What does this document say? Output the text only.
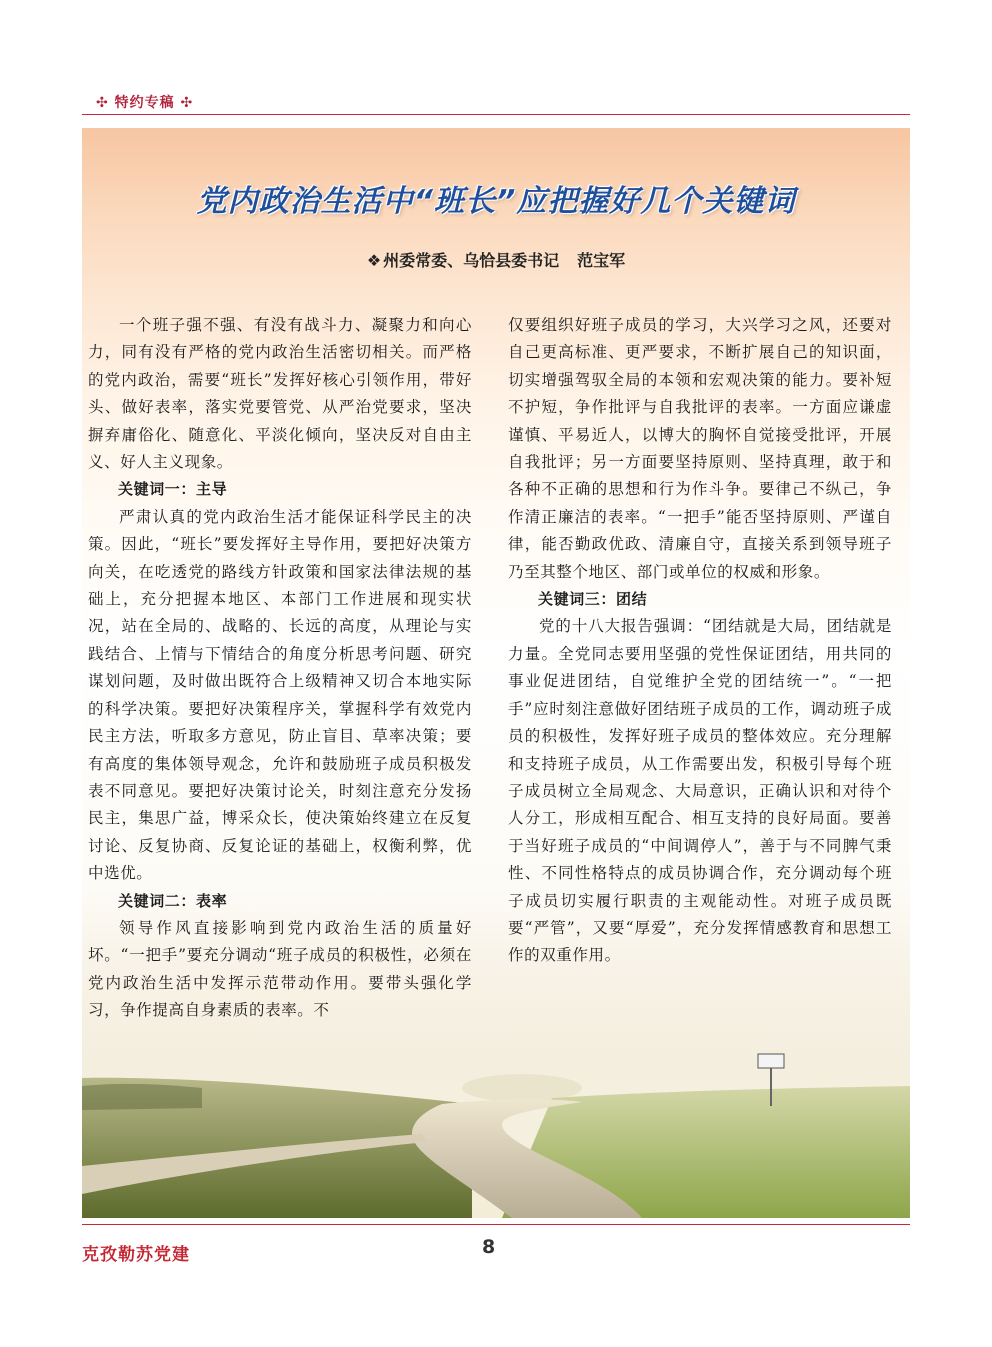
✣ 特约专稿 ✣
党内政治生活中“班长”应把握好几个关键词
❖ 州委常委、乌恰县委书记 范宝军

一个班子强不强、有没有战斗力、凝聚力和向心力，同有没有严格的党内政治生活密切相关。而严格的党内政治，需要“班长”发挥好核心引领作用，带好头、做好表率，落实党要管党、从严治党要求，坚决摒弃庸俗化、随意化、平淡化倾向，坚决反对自由主义、好人主义现象。

关键词一：主导

严肃认真的党内政治生活才能保证科学民主的决策。因此，“班长”要发挥好主导作用，要把好决策方向关，在吃透党的路线方针政策和国家法律法规的基础上，充分把握本地区、本部门工作进展和现实状况，站在全局的、战略的、长远的高度，从理论与实践结合、上情与下情结合的角度分析思考问题、研究谋划问题，及时做出既符合上级精神又切合本地实际的科学决策。要把好决策程序关，掌握科学有效党内民主方法，听取多方意见，防止盲目、草率决策；要有高度的集体领导观念，允许和鼓励班子成员积极发表不同意见。要把好决策讨论关，时刻注意充分发扬民主，集思广益，博采众长，使决策始终建立在反复讨论、反复协商、反复论证的基础上，权衡利弊，优中选优。

关键词二：表率

领导作风直接影响到党内政治生活的质量好坏。“一把手”要充分调动“班子成员的积极性，必须在党内政治生活中发挥示范带动作用。要带头强化学习，争作提高自身素质的表率。不

仅要组织好班子成员的学习，大兴学习之风，还要对自己更高标准、更严要求，不断扩展自己的知识面，切实增强驾驭全局的本领和宏观决策的能力。要补短不护短，争作批评与自我批评的表率。一方面应谦虚谨慎、平易近人，以博大的胸怀自觉接受批评，开展自我批评；另一方面要坚持原则、坚持真理，敢于和各种不正确的思想和行为作斗争。要律己不纵己，争作清正廉洁的表率。“一把手”能否坚持原则、严谨自律，能否勤政优政、清廉自守，直接关系到领导班子乃至其整个地区、部门或单位的权威和形象。

关键词三：团结

党的十八大报告强调：“团结就是大局，团结就是力量。全党同志要用坚强的党性保证团结，用共同的事业促进团结，自觉维护全党的团结统一”。“一把手”应时刻注意做好团结班子成员的工作，调动班子成员的积极性，发挥好班子成员的整体效应。充分理解和支持班子成员，从工作需要出发，积极引导每个班子成员树立全局观念、大局意识，正确认识和对待个人分工，形成相互配合、相互支持的良好局面。要善于当好班子成员的“中间调停人”，善于与不同脾气秉性、不同性格特点的成员协调合作，充分调动每个班子成员切实履行职责的主观能动性。对班子成员既要“严管”，又要“厚爱”，充分发挥情感教育和思想工作的双重作用。

克孜勒苏党建	8
